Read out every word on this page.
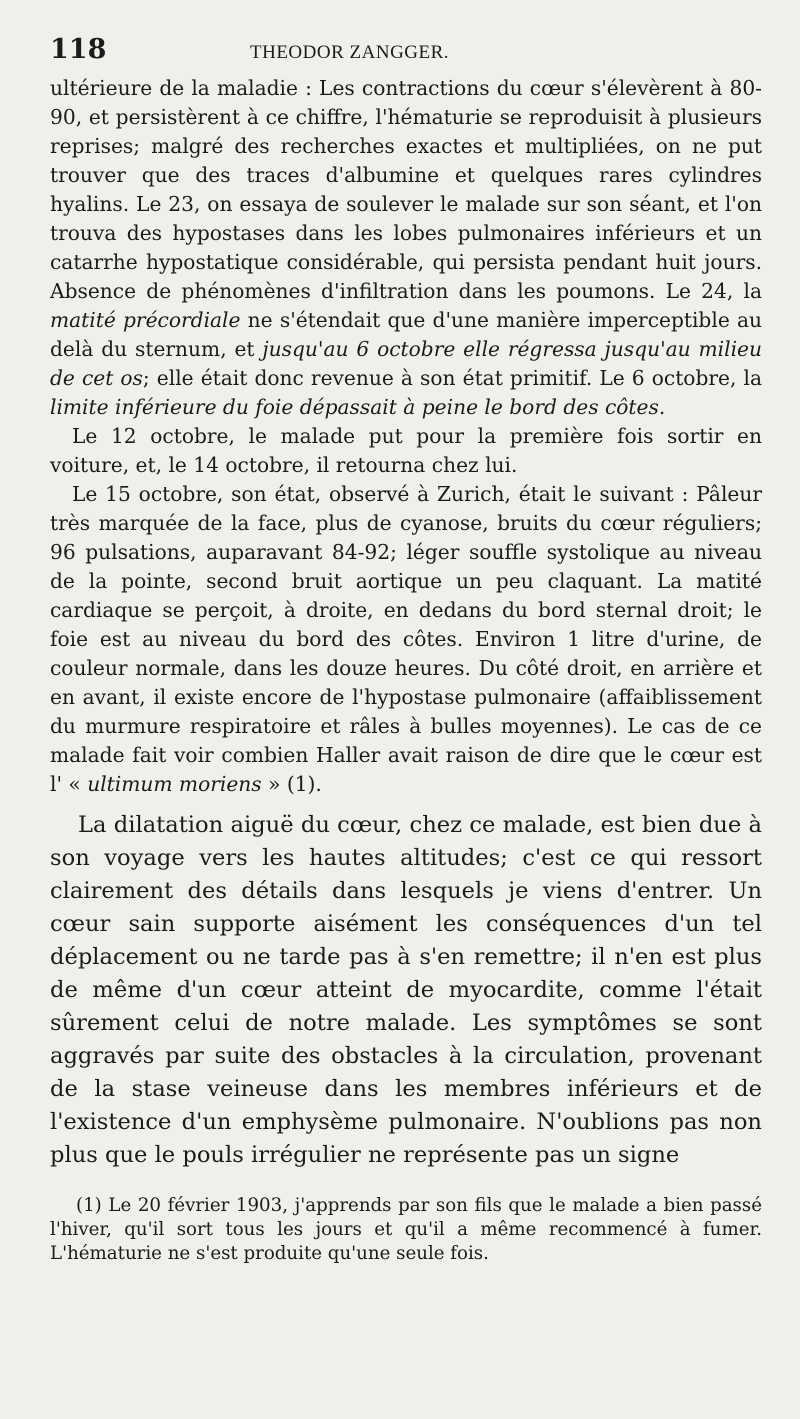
118	THEODOR ZANGGER.

ultérieure de la maladie : Les contractions du cœur s'élevèrent à 80-90, et persistèrent à ce chiffre, l'hématurie se reproduisit à plusieurs reprises; malgré des recherches exactes et multipliées, on ne put trouver que des traces d'albumine et quelques rares cylindres hyalins. Le 23, on essaya de soulever le malade sur son séant, et l'on trouva des hypostases dans les lobes pulmonaires inférieurs et un catarrhe hypostatique considérable, qui persista pendant huit jours. Absence de phénomènes d'infiltration dans les poumons. Le 24, la matité précordiale ne s'étendait que d'une manière imperceptible au delà du sternum, et jusqu'au 6 octobre elle régressa jusqu'au milieu de cet os; elle était donc revenue à son état primitif. Le 6 octobre, la limite inférieure du foie dépassait à peine le bord des côtes.

Le 12 octobre, le malade put pour la première fois sortir en voiture, et, le 14 octobre, il retourna chez lui.

Le 15 octobre, son état, observé à Zurich, était le suivant : Pâleur très marquée de la face, plus de cyanose, bruits du cœur réguliers; 96 pulsations, auparavant 84-92; léger souffle systolique au niveau de la pointe, second bruit aortique un peu claquant. La matité cardiaque se perçoit, à droite, en dedans du bord sternal droit; le foie est au niveau du bord des côtes. Environ 1 litre d'urine, de couleur normale, dans les douze heures. Du côté droit, en arrière et en avant, il existe encore de l'hypostase pulmonaire (affaiblissement du murmure respiratoire et râles à bulles moyennes). Le cas de ce malade fait voir combien Haller avait raison de dire que le cœur est l' « ultimum moriens » (1).

La dilatation aiguë du cœur, chez ce malade, est bien due à son voyage vers les hautes altitudes; c'est ce qui ressort clairement des détails dans lesquels je viens d'entrer. Un cœur sain supporte aisément les conséquences d'un tel déplacement ou ne tarde pas à s'en remettre; il n'en est plus de même d'un cœur atteint de myocardite, comme l'était sûrement celui de notre malade. Les symptômes se sont aggravés par suite des obstacles à la circulation, provenant de la stase veineuse dans les membres inférieurs et de l'existence d'un emphysème pulmonaire. N'oublions pas non plus que le pouls irrégulier ne représente pas un signe

(1) Le 20 février 1903, j'apprends par son fils que le malade a bien passé l'hiver, qu'il sort tous les jours et qu'il a même recommencé à fumer. L'hématurie ne s'est produite qu'une seule fois.
